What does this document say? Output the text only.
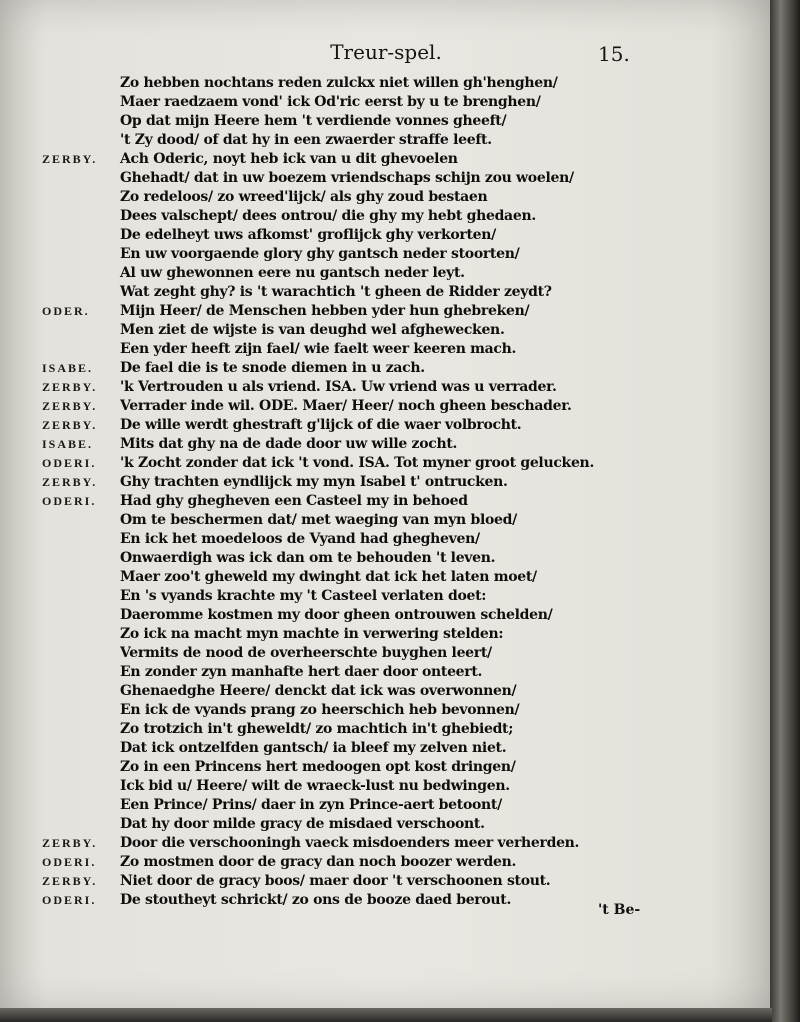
Treur-spel.	15.
Zo hebben nochtans reden zulckx niet willen gh'henghen/
Maer raedzaem vond' ick Od'ric eerst by u te brenghen/
Op dat mijn Heere hem 't verdiende vonnes gheeft/
't Zy dood/ of dat hy in een zwaerder straffe leeft.
ZERBY. Ach Oderic, noyt heb ick van u dit ghevoelen
Ghehadt/ dat in uw boezem vriendschaps schijn zou woelen/
Zo redeloos/ zo wreed'lijck/ als ghy zoud bestaen
Dees valschept/ dees ontrou/ die ghy my hebt ghedaen.
De edelheyt uws afkomst' groflijck ghy verkorten/
En uw voorgaende glory ghy gantsch neder stoorten/
Al uw ghewonnen eere nu gantsch neder leyt.
Wat zeght ghy? is 't warachtich 't gheen de Ridder zeydt?
ODER. Mijn Heer/ de Menschen hebben yder hun ghebreken/
Men ziet de wijste is van deughd wel afghewecken.
Een yder heeft zijn fael/ wie faelt weer keeren mach.
ISABE. De fael die is te snode diemen in u zach.
ZERBY. 'k Vertrouden u als vriend. ISA. Uw vriend was u verrader.
ZERBY. Verrader inde wil. ODE. Maer/ Heer/ noch gheen beschader.
ZERBY. De wille werdt ghestraft g'lijck of die waer volbrocht.
ISABE. Mits dat ghy na de dade door uw wille zocht.
ODERI. 'k Zocht zonder dat ick 't vond. ISA. Tot myner groot gelucken.
ZERBY. Ghy trachten eyndlijck my myn Isabel t' ontrucken.
ODERI. Had ghy ghegheven een Casteel my in behoed
Om te beschermen dat/ met waeging van myn bloed/
En ick het moedeloos de Vyand had ghegheven/
Onwaerdigh was ick dan om te behouden 't leven.
Maer zoo't gheweld my dwinght dat ick het laten moet/
En 's vyands krachte my 't Casteel verlaten doet:
Daeromme kostmen my door gheen ontrouwen schelden/
Zo ick na macht myn machte in verwering stelden:
Vermits de nood de overheerschte buyghen leert/
En zonder zyn manhafte hert daer door onteert.
Ghenaedghe Heere/ denckt dat ick was overwonnen/
En ick de vyands prang zo heerschich heb bevonnen/
Zo trotzich in't gheweldt/ zo machtich in't ghebiedt;
Dat ick ontzelfden gantsch/ ia bleef my zelven niet.
Zo in een Princens hert medoogen opt kost dringen/
Ick bid u/ Heere/ wilt de wraeck-lust nu bedwingen.
Een Prince/ Prins/ daer in zyn Prince-aert betoont/
Dat hy door milde gracy de misdaed verschoont.
ZERBY. Door die verschooningh vaeck misdoenders meer verherden.
ODERI. Zo mostmen door de gracy dan noch boozer werden.
ZERBY. Niet door de gracy boos/ maer door 't verschoonen stout.
ODERI. De stoutheyt schrickt/ zo ons de booze daed berout.
't Be-
